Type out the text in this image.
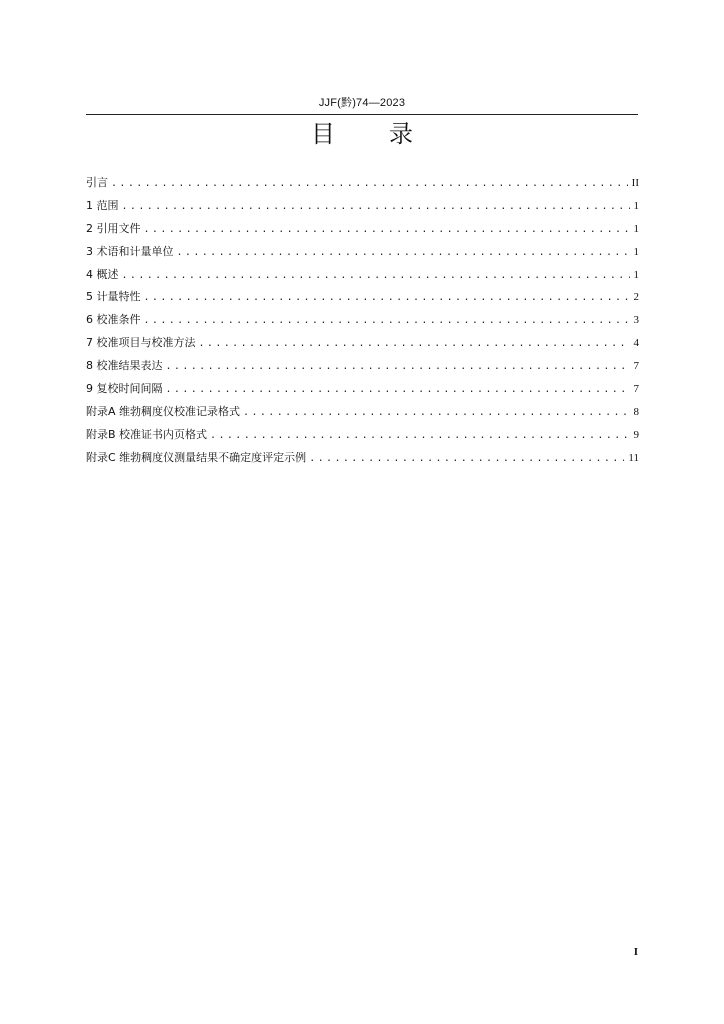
JJF(黔)74—2023
目录
引言 .....	II
1 范围 .....	1
2 引用文件 .....	1
3 术语和计量单位 .....	1
4 概述 .....	1
5 计量特性 .....	2
6 校准条件 .....	3
7 校准项目与校准方法 .....	4
8 校准结果表达 .....	7
9 复校时间间隔 .....	7
附录A 维勃稠度仪校准记录格式 .....	8
附录B 校准证书内页格式 .....	9
附录C 维勃稠度仪测量结果不确定度评定示例 .....	11
I
